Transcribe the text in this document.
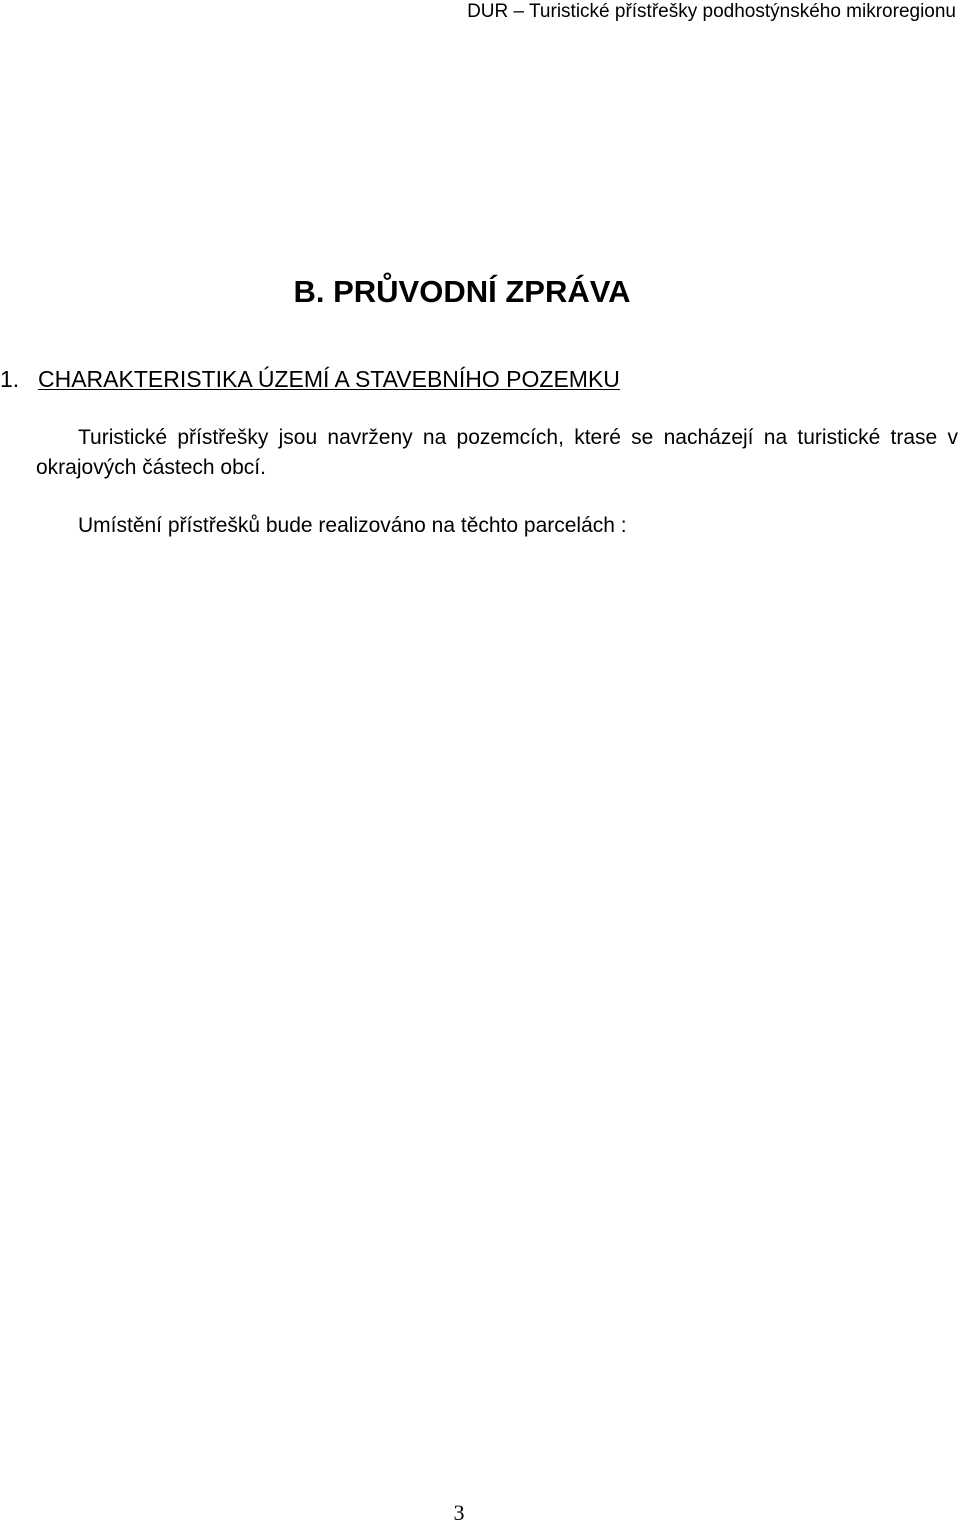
DUR – Turistické přístřešky podhostýnského mikroregionu
B. PRŮVODNÍ ZPRÁVA
1. CHARAKTERISTIKA ÚZEMÍ A STAVEBNÍHO POZEMKU
Turistické přístřešky jsou navrženy na pozemcích, které se nacházejí na turistické trase v okrajových částech obcí.
Umístění přístřešků bude realizováno na těchto parcelách :
3
